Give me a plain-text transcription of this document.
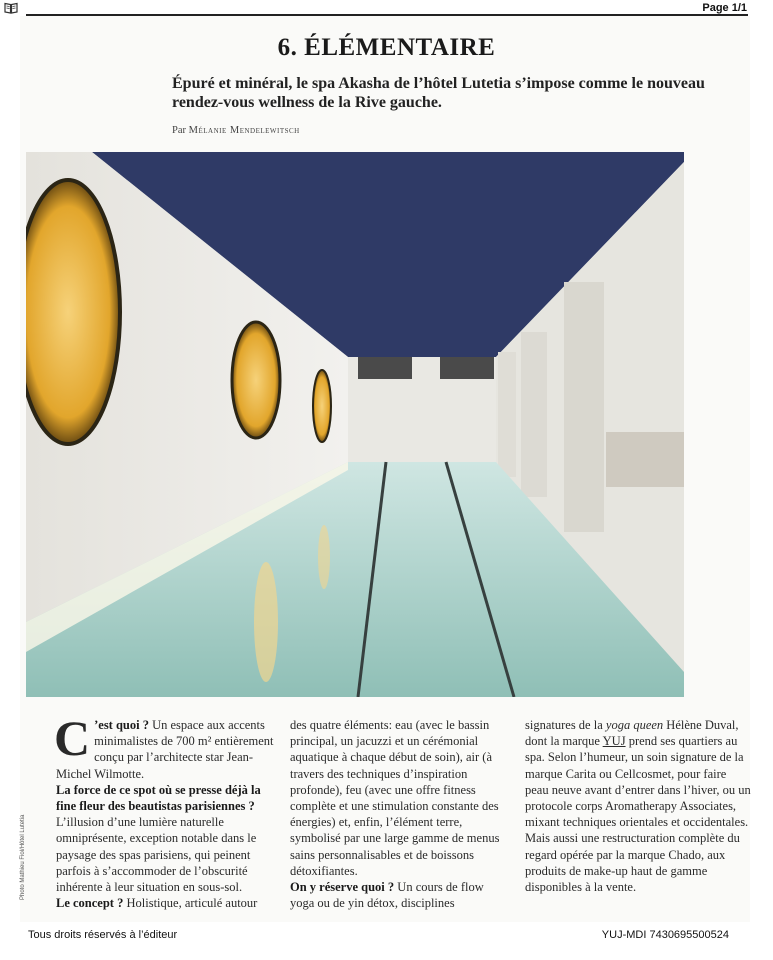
Page 1/1
6. ÉLÉMENTAIRE
Épuré et minéral, le spa Akasha de l’hôtel Lutetia s’impose comme le nouveau rendez-vous wellness de la Rive gauche.
Par Mélanie Mendelewitsch
Photo Mathieu Fiol/Hôtel Lutetia

C ’est quoi ? Un espace aux accents minimalistes de 700 m² entièrement conçu par l’architecte star Jean-Michel Wilmotte.

La force de ce spot où se presse déjà la fine fleur des beautistas parisiennes ? L’illusion d’une lumière naturelle omniprésente, exception notable dans le paysage des spas parisiens, qui peinent parfois à s’accommoder de l’obscurité inhérente à leur situation en sous-sol.

Le concept ? Holistique, articulé autour

des quatre éléments: eau (avec le bassin principal, un jacuzzi et un cérémonial aquatique à chaque début de soin), air (à travers des techniques d’inspiration profonde), feu (avec une offre fitness complète et une stimulation constante des énergies) et, enfin, l’élément terre, symbolisé par une large gamme de menus sains personnalisables et de boissons détoxifiantes.

On y réserve quoi ? Un cours de flow yoga ou de yin détox, disciplines

signatures de la yoga queen Hélène Duval, dont la marque YUJ prend ses quartiers au spa. Selon l’humeur, un soin signature de la marque Carita ou Cellcosmet, pour faire peau neuve avant d’entrer dans l’hiver, ou un protocole corps Aromatherapy Associates, mixant techniques orientales et occidentales. Mais aussi une restructuration complète du regard opérée par la marque Chado, aux produits de make-up haut de gamme disponibles à la vente.

Tous droits réservés à l’éditeur	YUJ-MDI 7430695500524
